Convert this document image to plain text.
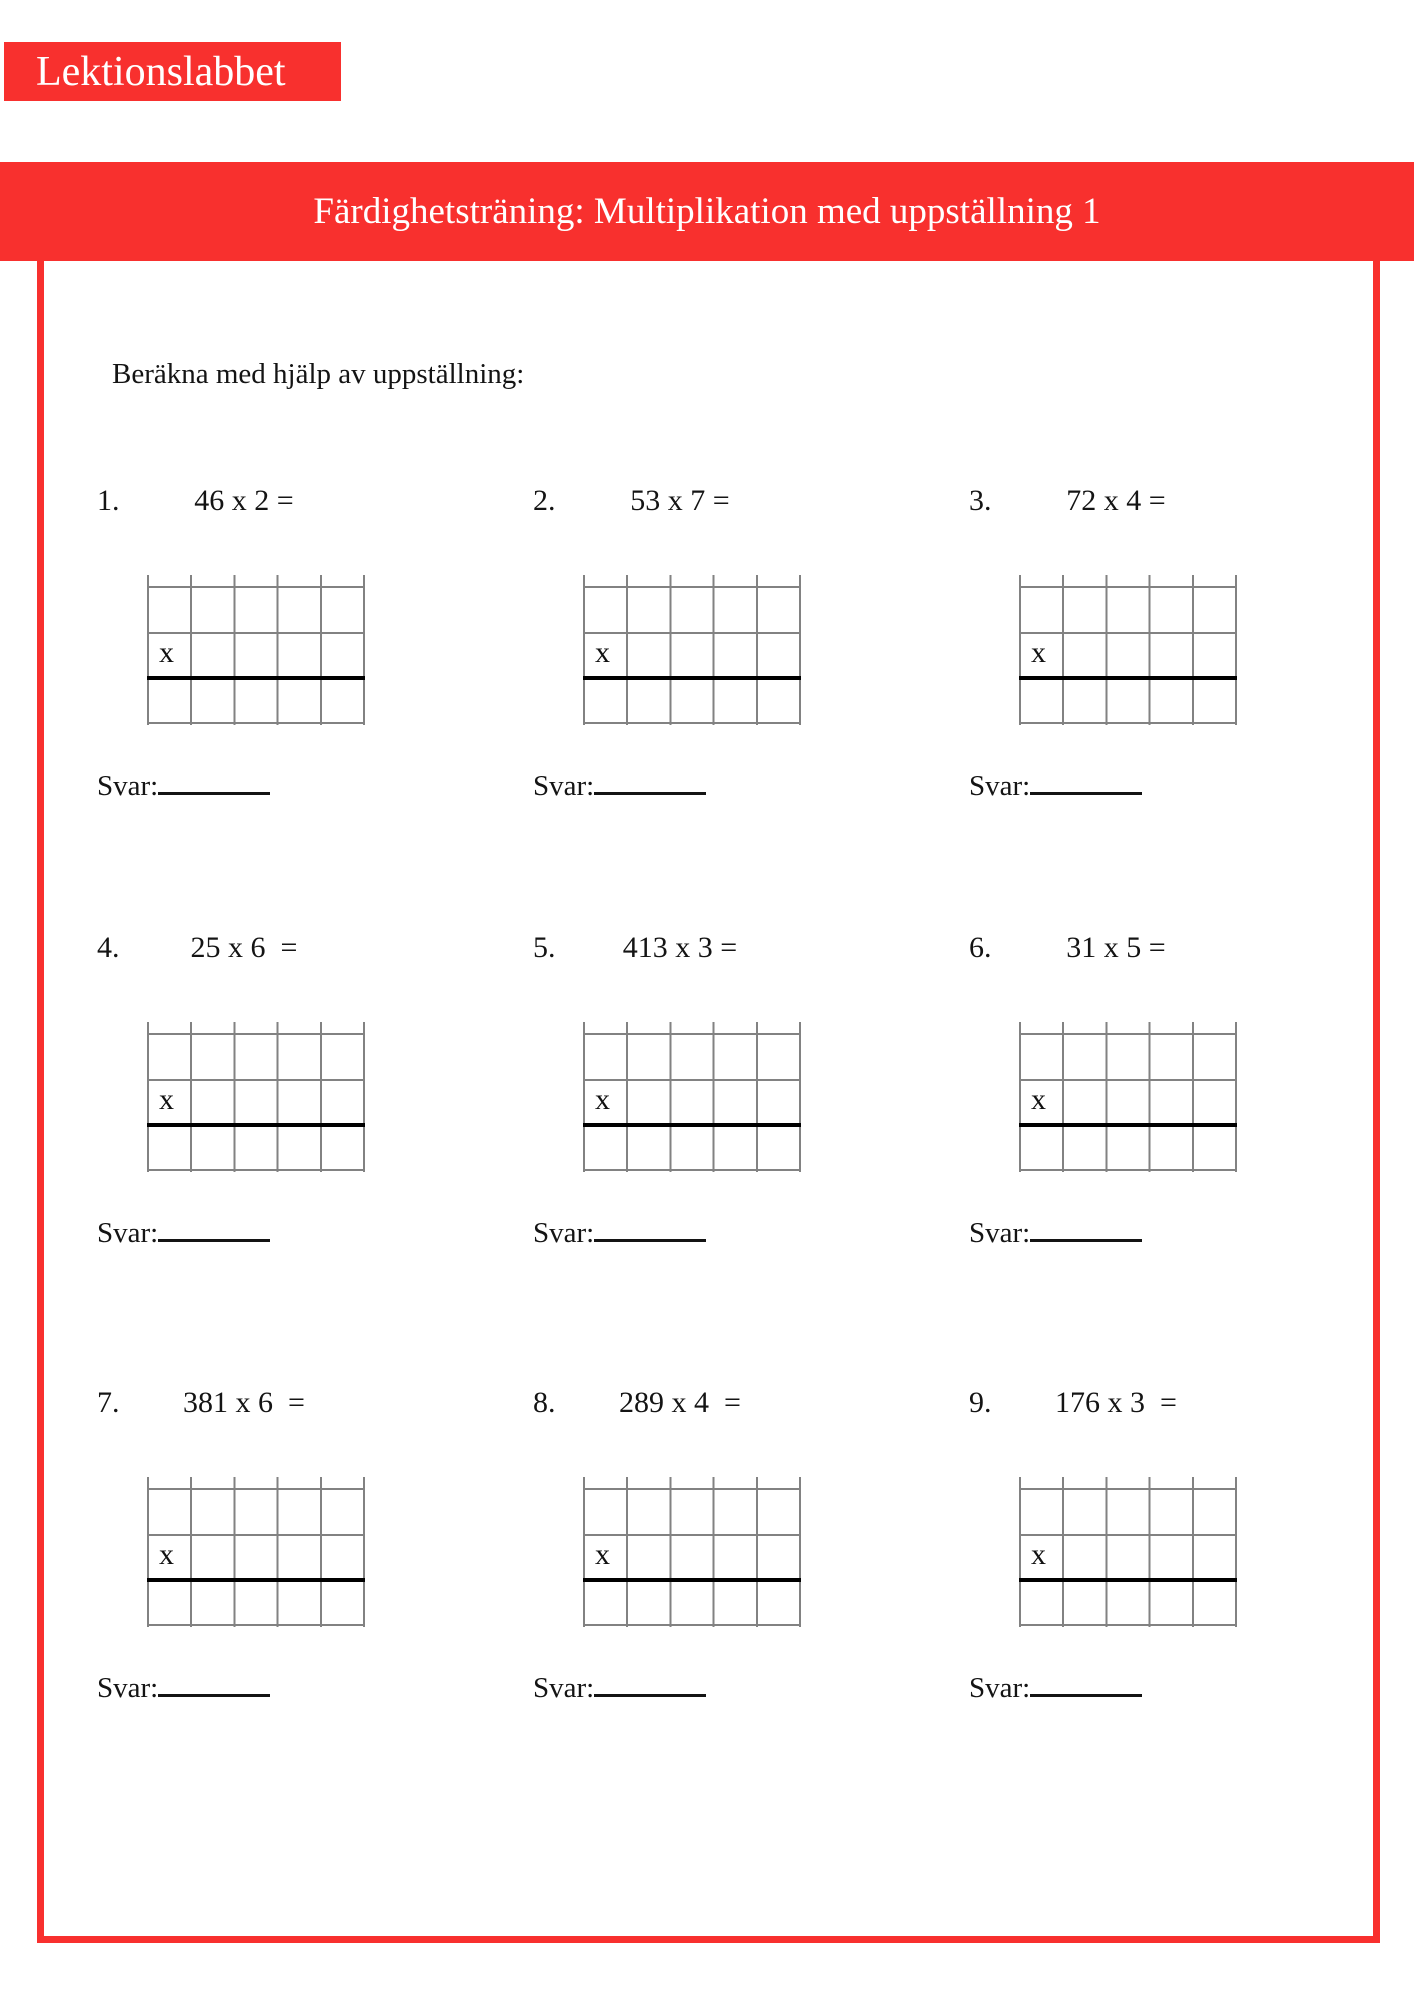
Lektionslabbet
Färdighetsträning: Multiplikation med uppställning 1
Beräkna med hjälp av uppställning:
1. 46 x 2 =
x
Svar:
2. 53 x 7 =
x
Svar:
3. 72 x 4 =
x
Svar:
4. 25 x 6  =
x
Svar:
5. 413 x 3 =
x
Svar:
6. 31 x 5 =
x
Svar:
7. 381 x 6  =
x
Svar:
8. 289 x 4  =
x
Svar:
9. 176 x 3  =
x
Svar:
